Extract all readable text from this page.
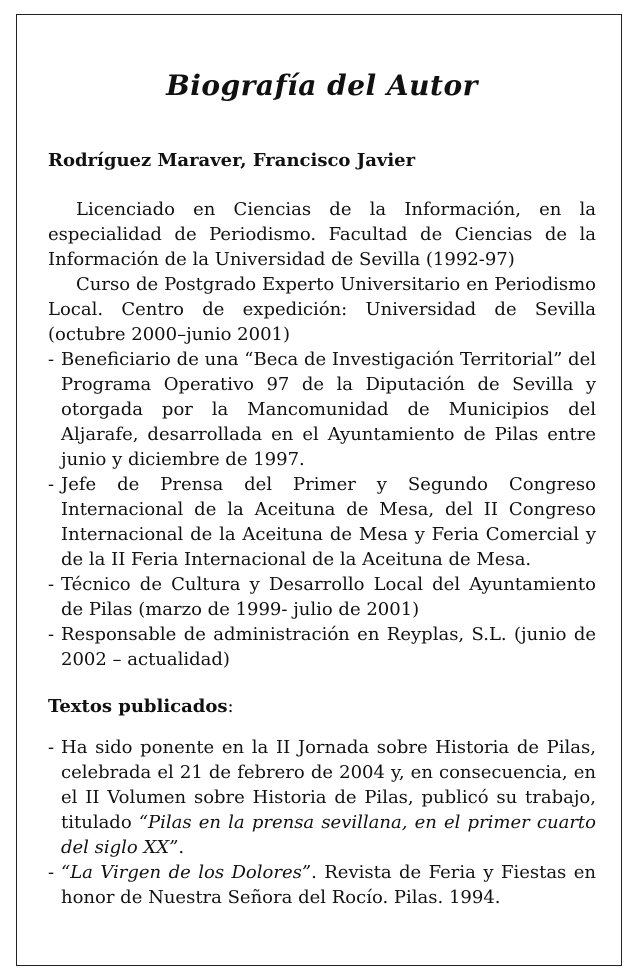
Biografía del Autor
Rodríguez Maraver, Francisco Javier

Licenciado en Ciencias de la Información, en la especialidad de Periodismo. Facultad de Ciencias de la Información de la Universidad de Sevilla (1992-97)

Curso de Postgrado Experto Universitario en Periodismo Local. Centro de expedición: Universidad de Sevilla (octubre 2000–junio 2001)

- Beneficiario de una “Beca de Investigación Territorial” del Programa Operativo 97 de la Diputación de Sevilla y otorgada por la Mancomunidad de Municipios del Aljarafe, desarrollada en el Ayuntamiento de Pilas entre junio y diciembre de 1997.
- Jefe de Prensa del Primer y Segundo Congreso Internacional de la Aceituna de Mesa, del II Congreso Internacional de la Aceituna de Mesa y Feria Comercial y de la II Feria Internacional de la Aceituna de Mesa.
- Técnico de Cultura y Desarrollo Local del Ayuntamiento de Pilas (marzo de 1999- julio de 2001)
- Responsable de administración en Reyplas, S.L. (junio de 2002 – actualidad)
Textos publicados:
- Ha sido ponente en la II Jornada sobre Historia de Pilas, celebrada el 21 de febrero de 2004 y, en consecuencia, en el II Volumen sobre Historia de Pilas, publicó su trabajo, titulado “Pilas en la prensa sevillana, en el primer cuarto del siglo XX”.
- “La Virgen de los Dolores”. Revista de Feria y Fiestas en honor de Nuestra Señora del Rocío. Pilas. 1994.
